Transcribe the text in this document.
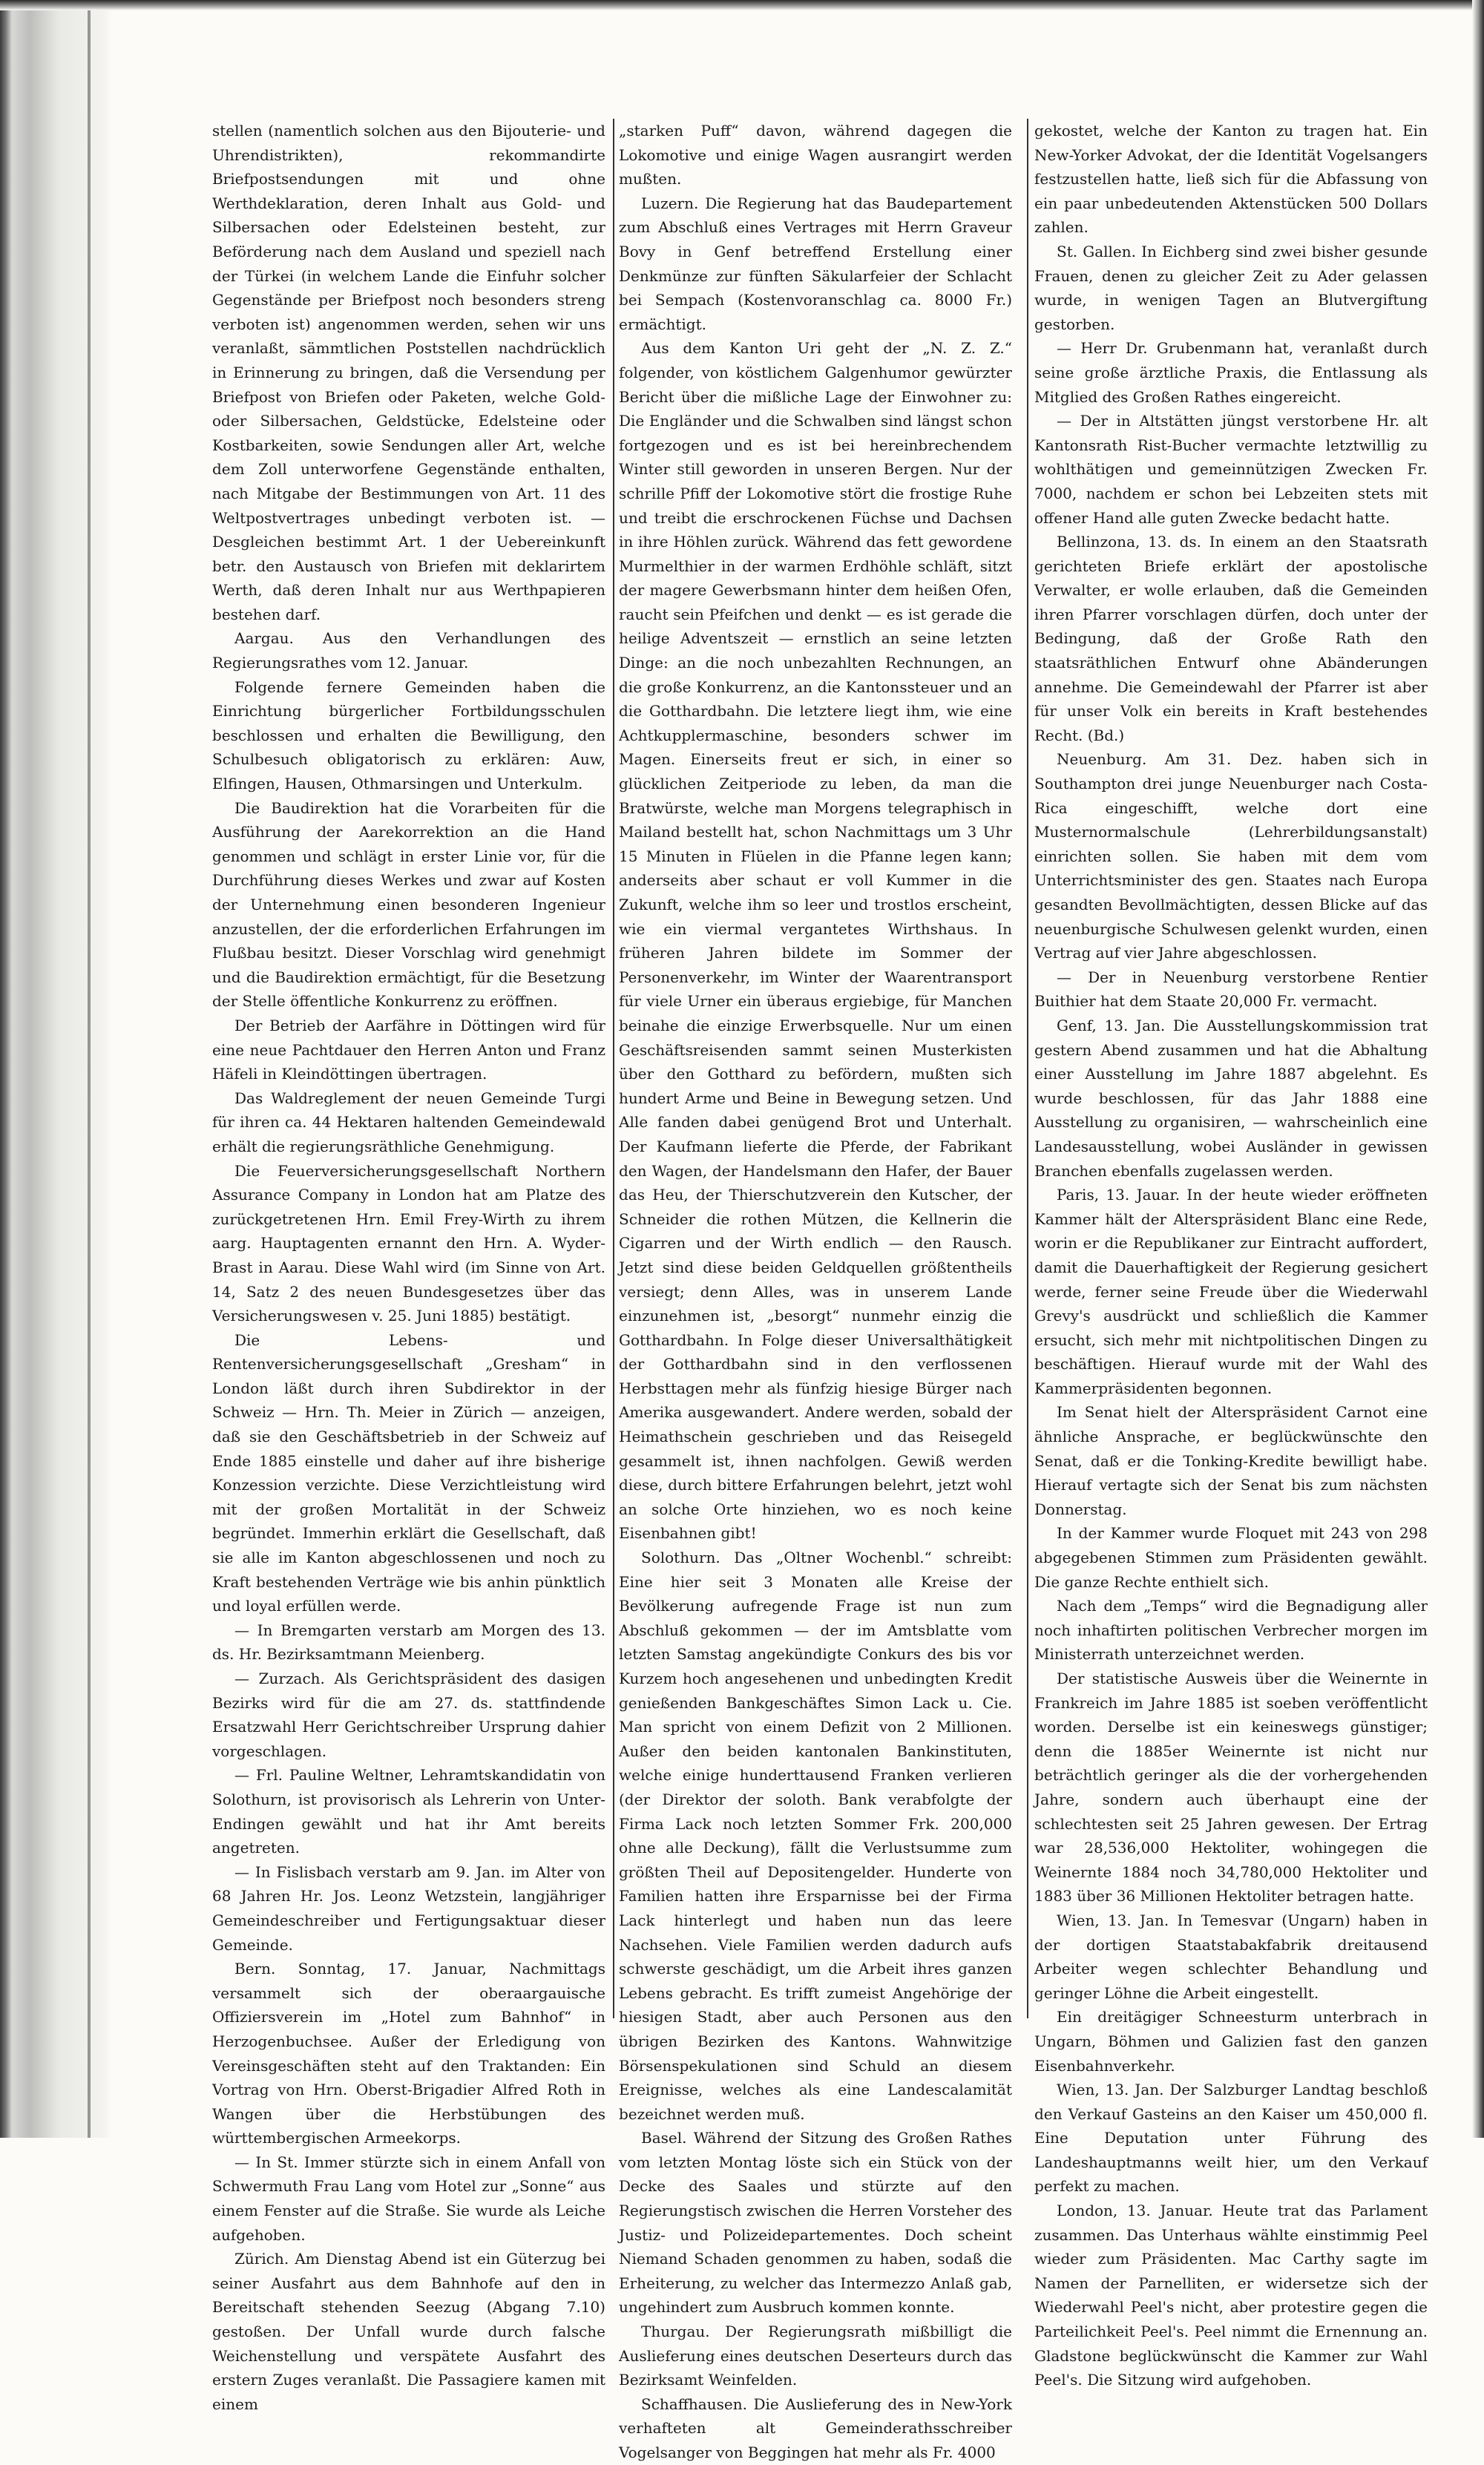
stellen (namentlich solchen aus den Bijouterie- und Uhrendistrikten), rekommandirte Briefpostsendungen mit und ohne Werthdeklaration, deren Inhalt aus Gold- und Silbersachen oder Edelsteinen besteht, zur Beförderung nach dem Ausland und speziell nach der Türkei (in welchem Lande die Einfuhr solcher Gegenstände per Briefpost noch besonders streng verboten ist) angenommen werden, sehen wir uns veranlaßt, sämmtlichen Poststellen nachdrücklich in Erinnerung zu bringen, daß die Versendung per Briefpost von Briefen oder Paketen, welche Gold- oder Silbersachen, Geldstücke, Edelsteine oder Kostbarkeiten, sowie Sendungen aller Art, welche dem Zoll unterworfene Gegenstände enthalten, nach Mitgabe der Bestimmungen von Art. 11 des Weltpostvertrages unbedingt verboten ist. — Desgleichen bestimmt Art. 1 der Uebereinkunft betr. den Austausch von Briefen mit deklarirtem Werth, daß deren Inhalt nur aus Werthpapieren bestehen darf.

Aargau. Aus den Verhandlungen des Regierungsrathes vom 12. Januar.

Folgende fernere Gemeinden haben die Einrichtung bürgerlicher Fortbildungsschulen beschlossen und erhalten die Bewilligung, den Schulbesuch obligatorisch zu erklären: Auw, Elfingen, Hausen, Othmarsingen und Unterkulm.

Die Baudirektion hat die Vorarbeiten für die Ausführung der Aarekorrektion an die Hand genommen und schlägt in erster Linie vor, für die Durchführung dieses Werkes und zwar auf Kosten der Unternehmung einen besonderen Ingenieur anzustellen, der die erforderlichen Erfahrungen im Flußbau besitzt. Dieser Vorschlag wird genehmigt und die Baudirektion ermächtigt, für die Besetzung der Stelle öffentliche Konkurrenz zu eröffnen.

Der Betrieb der Aarfähre in Döttingen wird für eine neue Pachtdauer den Herren Anton und Franz Häfeli in Kleindöttingen übertragen.

Das Waldreglement der neuen Gemeinde Turgi für ihren ca. 44 Hektaren haltenden Gemeindewald erhält die regierungsräthliche Genehmigung.

Die Feuerversicherungsgesellschaft Northern Assurance Company in London hat am Platze des zurückgetretenen Hrn. Emil Frey-Wirth zu ihrem aarg. Hauptagenten ernannt den Hrn. A. Wyder-Brast in Aarau. Diese Wahl wird (im Sinne von Art. 14, Satz 2 des neuen Bundesgesetzes über das Versicherungswesen v. 25. Juni 1885) bestätigt.

Die Lebens- und Rentenversicherungsgesellschaft „Gresham“ in London läßt durch ihren Subdirektor in der Schweiz — Hrn. Th. Meier in Zürich — anzeigen, daß sie den Geschäftsbetrieb in der Schweiz auf Ende 1885 einstelle und daher auf ihre bisherige Konzession verzichte. Diese Verzichtleistung wird mit der großen Mortalität in der Schweiz begründet. Immerhin erklärt die Gesellschaft, daß sie alle im Kanton abgeschlossenen und noch zu Kraft bestehenden Verträge wie bis anhin pünktlich und loyal erfüllen werde.

— In Bremgarten verstarb am Morgen des 13. ds. Hr. Bezirksamtmann Meienberg.

— Zurzach. Als Gerichtspräsident des dasigen Bezirks wird für die am 27. ds. stattfindende Ersatzwahl Herr Gerichtschreiber Ursprung dahier vorgeschlagen.

— Frl. Pauline Weltner, Lehramtskandidatin von Solothurn, ist provisorisch als Lehrerin von Unter-Endingen gewählt und hat ihr Amt bereits angetreten.

— In Fislisbach verstarb am 9. Jan. im Alter von 68 Jahren Hr. Jos. Leonz Wetzstein, langjähriger Gemeindeschreiber und Fertigungsaktuar dieser Gemeinde.

Bern. Sonntag, 17. Januar, Nachmittags versammelt sich der oberaargauische Offiziersverein im „Hotel zum Bahnhof“ in Herzogenbuchsee. Außer der Erledigung von Vereinsgeschäften steht auf den Traktanden: Ein Vortrag von Hrn. Oberst-Brigadier Alfred Roth in Wangen über die Herbstübungen des württembergischen Armeekorps.

— In St. Immer stürzte sich in einem Anfall von Schwermuth Frau Lang vom Hotel zur „Sonne“ aus einem Fenster auf die Straße. Sie wurde als Leiche aufgehoben.

Zürich. Am Dienstag Abend ist ein Güterzug bei seiner Ausfahrt aus dem Bahnhofe auf den in Bereitschaft stehenden Seezug (Abgang 7.10) gestoßen. Der Unfall wurde durch falsche Weichenstellung und verspätete Ausfahrt des erstern Zuges veranlaßt. Die Passagiere kamen mit einem

„starken Puff“ davon, während dagegen die Lokomotive und einige Wagen ausrangirt werden mußten.

Luzern. Die Regierung hat das Baudepartement zum Abschluß eines Vertrages mit Herrn Graveur Bovy in Genf betreffend Erstellung einer Denkmünze zur fünften Säkularfeier der Schlacht bei Sempach (Kostenvoranschlag ca. 8000 Fr.) ermächtigt.

Aus dem Kanton Uri geht der „N. Z. Z.“ folgender, von köstlichem Galgenhumor gewürzter Bericht über die mißliche Lage der Einwohner zu: Die Engländer und die Schwalben sind längst schon fortgezogen und es ist bei hereinbrechendem Winter still geworden in unseren Bergen. Nur der schrille Pfiff der Lokomotive stört die frostige Ruhe und treibt die erschrockenen Füchse und Dachsen in ihre Höhlen zurück. Während das fett gewordene Murmelthier in der warmen Erdhöhle schläft, sitzt der magere Gewerbsmann hinter dem heißen Ofen, raucht sein Pfeifchen und denkt — es ist gerade die heilige Adventszeit — ernstlich an seine letzten Dinge: an die noch unbezahlten Rechnungen, an die große Konkurrenz, an die Kantonssteuer und an die Gotthardbahn. Die letztere liegt ihm, wie eine Achtkupplermaschine, besonders schwer im Magen. Einerseits freut er sich, in einer so glücklichen Zeitperiode zu leben, da man die Bratwürste, welche man Morgens telegraphisch in Mailand bestellt hat, schon Nachmittags um 3 Uhr 15 Minuten in Flüelen in die Pfanne legen kann; anderseits aber schaut er voll Kummer in die Zukunft, welche ihm so leer und trostlos erscheint, wie ein viermal vergantetes Wirthshaus. In früheren Jahren bildete im Sommer der Personenverkehr, im Winter der Waarentransport für viele Urner ein überaus ergiebige, für Manchen beinahe die einzige Erwerbsquelle. Nur um einen Geschäftsreisenden sammt seinen Musterkisten über den Gotthard zu befördern, mußten sich hundert Arme und Beine in Bewegung setzen. Und Alle fanden dabei genügend Brot und Unterhalt. Der Kaufmann lieferte die Pferde, der Fabrikant den Wagen, der Handelsmann den Hafer, der Bauer das Heu, der Thierschutzverein den Kutscher, der Schneider die rothen Mützen, die Kellnerin die Cigarren und der Wirth endlich — den Rausch. Jetzt sind diese beiden Geldquellen größtentheils versiegt; denn Alles, was in unserem Lande einzunehmen ist, „besorgt“ nunmehr einzig die Gotthardbahn. In Folge dieser Universalthätigkeit der Gotthardbahn sind in den verflossenen Herbsttagen mehr als fünfzig hiesige Bürger nach Amerika ausgewandert. Andere werden, sobald der Heimathschein geschrieben und das Reisegeld gesammelt ist, ihnen nachfolgen. Gewiß werden diese, durch bittere Erfahrungen belehrt, jetzt wohl an solche Orte hinziehen, wo es noch keine Eisenbahnen gibt!

Solothurn. Das „Oltner Wochenbl.“ schreibt: Eine hier seit 3 Monaten alle Kreise der Bevölkerung aufregende Frage ist nun zum Abschluß gekommen — der im Amtsblatte vom letzten Samstag angekündigte Conkurs des bis vor Kurzem hoch angesehenen und unbedingten Kredit genießenden Bankgeschäftes Simon Lack u. Cie. Man spricht von einem Defizit von 2 Millionen. Außer den beiden kantonalen Bankinstituten, welche einige hunderttausend Franken verlieren (der Direktor der soloth. Bank verabfolgte der Firma Lack noch letzten Sommer Frk. 200,000 ohne alle Deckung), fällt die Verlustsumme zum größten Theil auf Depositengelder. Hunderte von Familien hatten ihre Ersparnisse bei der Firma Lack hinterlegt und haben nun das leere Nachsehen. Viele Familien werden dadurch aufs schwerste geschädigt, um die Arbeit ihres ganzen Lebens gebracht. Es trifft zumeist Angehörige der hiesigen Stadt, aber auch Personen aus den übrigen Bezirken des Kantons. Wahnwitzige Börsenspekulationen sind Schuld an diesem Ereignisse, welches als eine Landescalamität bezeichnet werden muß.

Basel. Während der Sitzung des Großen Rathes vom letzten Montag löste sich ein Stück von der Decke des Saales und stürzte auf den Regierungstisch zwischen die Herren Vorsteher des Justiz- und Polizeidepartementes. Doch scheint Niemand Schaden genommen zu haben, sodaß die Erheiterung, zu welcher das Intermezzo Anlaß gab, ungehindert zum Ausbruch kommen konnte.

Thurgau. Der Regierungsrath mißbilligt die Auslieferung eines deutschen Deserteurs durch das Bezirksamt Weinfelden.

Schaffhausen. Die Auslieferung des in New-York verhafteten alt Gemeinderathsschreiber Vogelsanger von Beggingen hat mehr als Fr. 4000

gekostet, welche der Kanton zu tragen hat. Ein New-Yorker Advokat, der die Identität Vogelsangers festzustellen hatte, ließ sich für die Abfassung von ein paar unbedeutenden Aktenstücken 500 Dollars zahlen.

St. Gallen. In Eichberg sind zwei bisher gesunde Frauen, denen zu gleicher Zeit zu Ader gelassen wurde, in wenigen Tagen an Blutvergiftung gestorben.

— Herr Dr. Grubenmann hat, veranlaßt durch seine große ärztliche Praxis, die Entlassung als Mitglied des Großen Rathes eingereicht.

— Der in Altstätten jüngst verstorbene Hr. alt Kantonsrath Rist-Bucher vermachte letztwillig zu wohlthätigen und gemeinnützigen Zwecken Fr. 7000, nachdem er schon bei Lebzeiten stets mit offener Hand alle guten Zwecke bedacht hatte.

Bellinzona, 13. ds. In einem an den Staatsrath gerichteten Briefe erklärt der apostolische Verwalter, er wolle erlauben, daß die Gemeinden ihren Pfarrer vorschlagen dürfen, doch unter der Bedingung, daß der Große Rath den staatsräthlichen Entwurf ohne Abänderungen annehme. Die Gemeindewahl der Pfarrer ist aber für unser Volk ein bereits in Kraft bestehendes Recht. (Bd.)

Neuenburg. Am 31. Dez. haben sich in Southampton drei junge Neuenburger nach Costa-Rica eingeschifft, welche dort eine Musternormalschule (Lehrerbildungsanstalt) einrichten sollen. Sie haben mit dem vom Unterrichtsminister des gen. Staates nach Europa gesandten Bevollmächtigten, dessen Blicke auf das neuenburgische Schulwesen gelenkt wurden, einen Vertrag auf vier Jahre abgeschlossen.

— Der in Neuenburg verstorbene Rentier Buithier hat dem Staate 20,000 Fr. vermacht.

Genf, 13. Jan. Die Ausstellungskommission trat gestern Abend zusammen und hat die Abhaltung einer Ausstellung im Jahre 1887 abgelehnt. Es wurde beschlossen, für das Jahr 1888 eine Ausstellung zu organisiren, — wahrscheinlich eine Landesausstellung, wobei Ausländer in gewissen Branchen ebenfalls zugelassen werden.

Paris, 13. Jauar. In der heute wieder eröffneten Kammer hält der Alterspräsident Blanc eine Rede, worin er die Republikaner zur Eintracht auffordert, damit die Dauerhaftigkeit der Regierung gesichert werde, ferner seine Freude über die Wiederwahl Grevy's ausdrückt und schließlich die Kammer ersucht, sich mehr mit nichtpolitischen Dingen zu beschäftigen. Hierauf wurde mit der Wahl des Kammerpräsidenten begonnen.

Im Senat hielt der Alterspräsident Carnot eine ähnliche Ansprache, er beglückwünschte den Senat, daß er die Tonking-Kredite bewilligt habe. Hierauf vertagte sich der Senat bis zum nächsten Donnerstag.

In der Kammer wurde Floquet mit 243 von 298 abgegebenen Stimmen zum Präsidenten gewählt. Die ganze Rechte enthielt sich.

Nach dem „Temps“ wird die Begnadigung aller noch inhaftirten politischen Verbrecher morgen im Ministerrath unterzeichnet werden.

Der statistische Ausweis über die Weinernte in Frankreich im Jahre 1885 ist soeben veröffentlicht worden. Derselbe ist ein keineswegs günstiger; denn die 1885er Weinernte ist nicht nur beträchtlich geringer als die der vorhergehenden Jahre, sondern auch überhaupt eine der schlechtesten seit 25 Jahren gewesen. Der Ertrag war 28,536,000 Hektoliter, wohingegen die Weinernte 1884 noch 34,780,000 Hektoliter und 1883 über 36 Millionen Hektoliter betragen hatte.

Wien, 13. Jan. In Temesvar (Ungarn) haben in der dortigen Staatstabakfabrik dreitausend Arbeiter wegen schlechter Behandlung und geringer Löhne die Arbeit eingestellt.

Ein dreitägiger Schneesturm unterbrach in Ungarn, Böhmen und Galizien fast den ganzen Eisenbahnverkehr.

Wien, 13. Jan. Der Salzburger Landtag beschloß den Verkauf Gasteins an den Kaiser um 450,000 fl. Eine Deputation unter Führung des Landeshauptmanns weilt hier, um den Verkauf perfekt zu machen.

London, 13. Januar. Heute trat das Parlament zusammen. Das Unterhaus wählte einstimmig Peel wieder zum Präsidenten. Mac Carthy sagte im Namen der Parnelliten, er widersetze sich der Wiederwahl Peel's nicht, aber protestire gegen die Parteilichkeit Peel's. Peel nimmt die Ernennung an. Gladstone beglückwünscht die Kammer zur Wahl Peel's. Die Sitzung wird aufgehoben.
